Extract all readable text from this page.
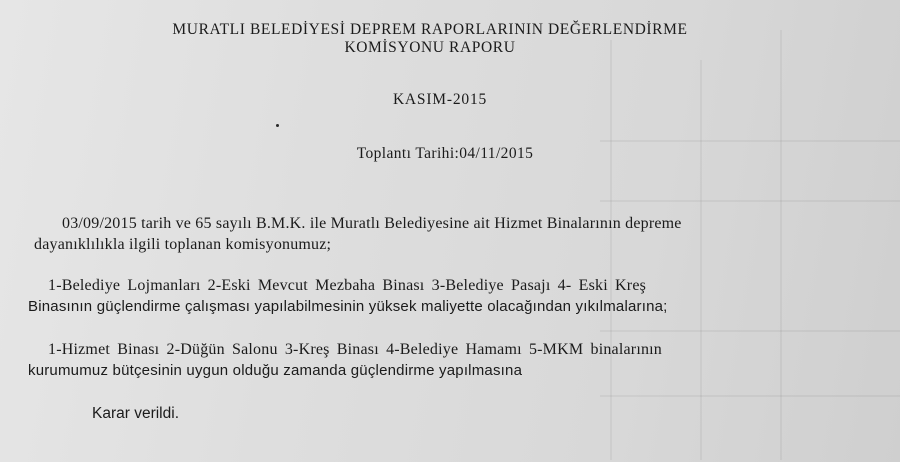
MURATLI BELEDİYESİ DEPREM RAPORLARININ DEĞERLENDİRME
KOMİSYONU RAPORU
KASIM-2015
Toplantı Tarihi:04/11/2015
03/09/2015 tarih ve 65 sayılı B.M.K. ile Muratlı Belediyesine ait Hizmet Binalarının depreme
dayanıklılıkla ilgili toplanan komisyonumuz;
1-Belediye Lojmanları 2-Eski Mevcut Mezbaha Binası 3-Belediye Pasajı 4- Eski Kreş
Binasının güçlendirme çalışması yapılabilmesinin yüksek maliyette olacağından yıkılmalarına;
1-Hizmet Binası 2-Düğün Salonu 3-Kreş Binası 4-Belediye Hamamı 5-MKM binalarının
kurumumuz bütçesinin uygun olduğu zamanda güçlendirme yapılmasına
Karar verildi.
